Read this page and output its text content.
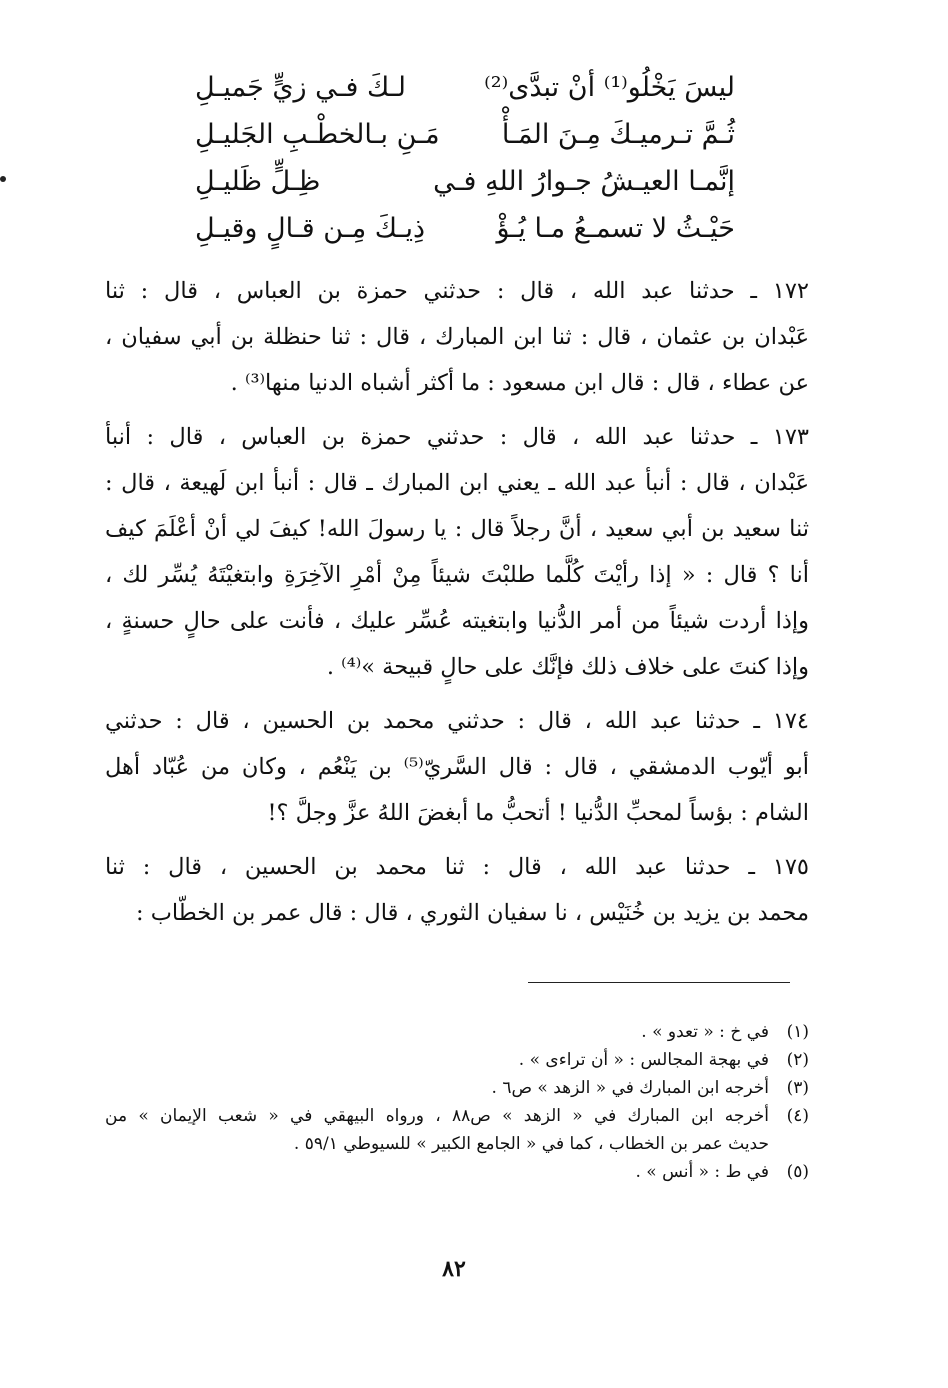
ليسَ يَخْلُو⁽¹⁾ أنْ تبدَّى⁽²⁾
لـكَ فـي زيٍّ جَميـلِ
ثُـمَّ تـرميـكَ مِـنَ المَـأْ
مَـنِ بـالخطْـبِ الجَليـلِ
إنَّمـا العيـشُ جـوارُ اللهِ فـي
ظِـلٍّ ظَليـلِ
حَيْـثُ لا تسمـعُ مـا يُـؤْ
ذِيـكَ مِـن قـالٍ وقيـلِ
١٧٢ ـ حدثنا عبد الله ، قال : حدثني حمزة بن العباس ، قال : ثنا
عَبْدان بن عثمان ، قال : ثنا ابن المبارك ، قال : ثنا حنظلة بن أبي سفيان ،
عن عطاء ، قال : قال ابن مسعود : ما أكثر أشباه الدنيا منها⁽³⁾ .
١٧٣ ـ حدثنا عبد الله ، قال : حدثني حمزة بن العباس ، قال : أنبأ
عَبْدان ، قال : أنبأ عبد الله ـ يعني ابن المبارك ـ قال : أنبأ ابن لَهيعة ، قال :
ثنا سعيد بن أبي سعيد ، أنَّ رجلاً قال : يا رسولَ الله! كيفَ لي أنْ أعْلَمَ كيف
أنا ؟ قال : « إذا رأيْتَ كُلَّما طلبْتَ شيئاً مِنْ أمْرِ الآخِرَةِ وابتغيْتَهُ يُسِّر لك ،
وإذا أردت شيئاً من أمر الدُّنيا وابتغيته عُسِّر عليك ، فأنت على حالٍ حسنةٍ ،
وإذا كنتَ على خلاف ذلك فإنَّك على حالٍ قبيحة »⁽⁴⁾ .
١٧٤ ـ حدثنا عبد الله ، قال : حدثني محمد بن الحسين ، قال : حدثني
أبو أيّوب الدمشقي ، قال : قال السَّريّ⁽⁵⁾ بن يَنْعُم ، وكان من عُبّاد أهل
الشام : بؤساً لمحبِّ الدُّنيا ! أتحبُّ ما أبغضَ اللهُ عزَّ وجلَّ ؟!
١٧٥ ـ حدثنا عبد الله ، قال : ثنا محمد بن الحسين ، قال : ثنا
محمد بن يزيد بن خُنَيْس ، نا سفيان الثوري ، قال : قال عمر بن الخطّاب :
(١)في خ : « تعدو » .
(٢)في بهجة المجالس : « أن تراءى » .
(٣)أخرجه ابن المبارك في « الزهد » ص٦ .
(٤)أخرجه ابن المبارك في « الزهد » ص٨٨ ، ورواه البيهقي في « شعب الإيمان » من
حديث عمر بن الخطاب ، كما في « الجامع الكبير » للسيوطي ٥٩/١ .
(٥)في ط : « أنس » .
٨٢
